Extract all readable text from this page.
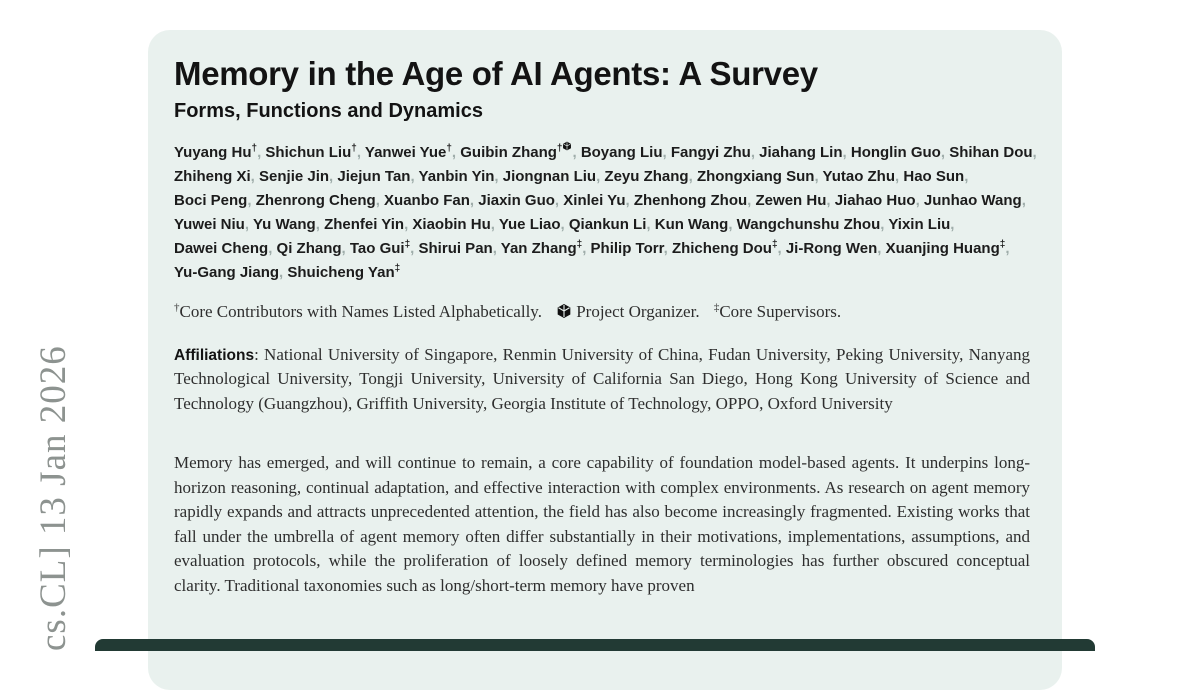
cs.CL] 13 Jan 2026
Memory in the Age of AI Agents: A Survey
Forms, Functions and Dynamics

Yuyang Hu†, Shichun Liu†, Yanwei Yue†, Guibin Zhang† , Boyang Liu, Fangyi Zhu, Jiahang Lin, Honglin Guo, Shihan Dou, Zhiheng Xi, Senjie Jin, Jiejun Tan, Yanbin Yin, Jiongnan Liu, Zeyu Zhang, Zhongxiang Sun, Yutao Zhu, Hao Sun, Boci Peng, Zhenrong Cheng, Xuanbo Fan, Jiaxin Guo, Xinlei Yu, Zhenhong Zhou, Zewen Hu, Jiahao Huo, Junhao Wang, Yuwei Niu, Yu Wang, Zhenfei Yin, Xiaobin Hu, Yue Liao, Qiankun Li, Kun Wang, Wangchunshu Zhou, Yixin Liu, Dawei Cheng, Qi Zhang, Tao Gui‡, Shirui Pan, Yan Zhang‡, Philip Torr, Zhicheng Dou‡, Ji-Rong Wen, Xuanjing Huang‡, Yu-Gang Jiang, Shuicheng Yan‡

†Core Contributors with Names Listed Alphabetically. Project Organizer. ‡Core Supervisors.

Affiliations: National University of Singapore, Renmin University of China, Fudan University, Peking University, Nanyang Technological University, Tongji University, University of California San Diego, Hong Kong University of Science and Technology (Guangzhou), Griffith University, Georgia Institute of Technology, OPPO, Oxford University

Memory has emerged, and will continue to remain, a core capability of foundation model-based agents. It underpins long-horizon reasoning, continual adaptation, and effective interaction with complex environments. As research on agent memory rapidly expands and attracts unprecedented attention, the field has also become increasingly fragmented. Existing works that fall under the umbrella of agent memory often differ substantially in their motivations, implementations, assumptions, and evaluation protocols, while the proliferation of loosely defined memory terminologies has further obscured conceptual clarity. Traditional taxonomies such as long/short-term memory have proven
